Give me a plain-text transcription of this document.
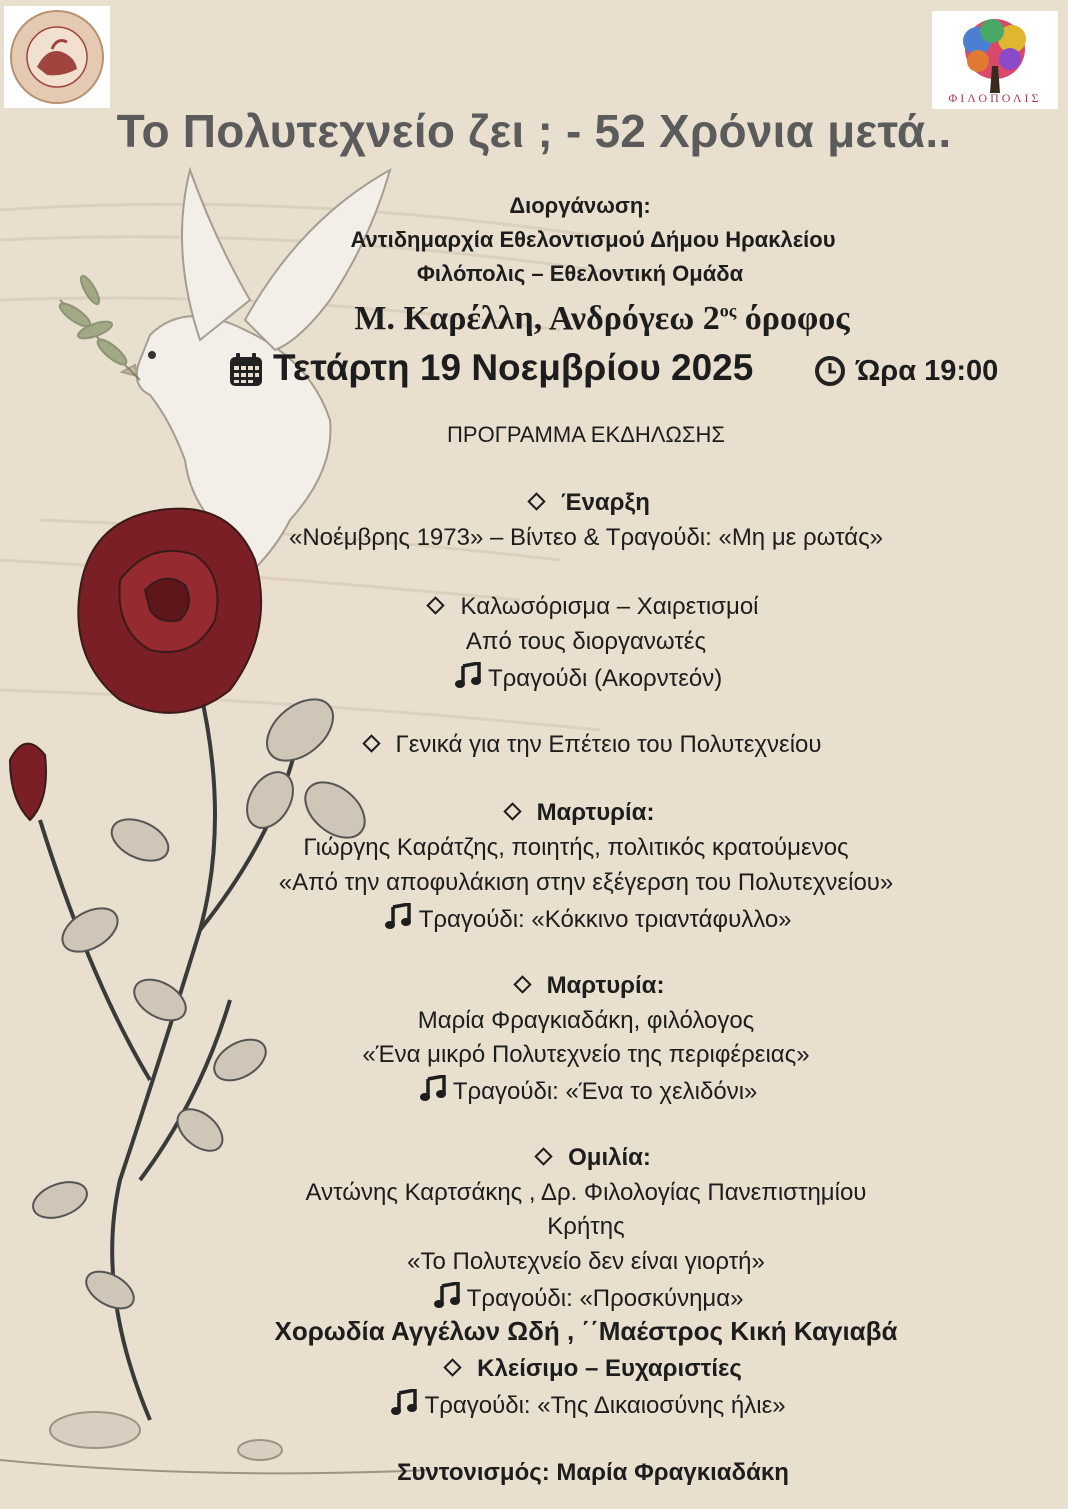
ΦΙΛΟΠΟΛΙΣ
Το Πολυτεχνείο ζει ; - 52 Χρόνια μετά..
Διοργάνωση:
Αντιδημαρχία Εθελοντισμού Δήμου Ηρακλείου
Φιλόπολις – Εθελοντική Ομάδα
Μ. Καρέλλη, Ανδρόγεω $2^{o\varsigma}$ όροφος
Τετάρτη 19 Νοεμβρίου 2025	Ώρα 19:00
ΠΡΟΓΡΑΜΜΑ ΕΚΔΗΛΩΣΗΣ
Έναρξη
«Νοέμβρης 1973» – Βίντεο & Τραγούδι: «Μη με ρωτάς»
Καλωσόρισμα – Χαιρετισμοί
Από τους διοργανωτές
Τραγούδι (Ακορντεόν)
Γενικά για την Επέτειο του Πολυτεχνείου
Μαρτυρία:
Γιώργης Καράτζης, ποιητής, πολιτικός κρατούμενος
«Από την αποφυλάκιση στην εξέγερση του Πολυτεχνείου»
Τραγούδι: «Κόκκινο τριαντάφυλλο»
Μαρτυρία:
Μαρία Φραγκιαδάκη, φιλόλογος
«Ένα μικρό Πολυτεχνείο της περιφέρειας»
Τραγούδι: «Ένα το χελιδόνι»
Ομιλία:
Αντώνης Καρτσάκης , Δρ. Φιλολογίας Πανεπιστημίου
Κρήτης
«Το Πολυτεχνείο δεν είναι γιορτή»
Τραγούδι: «Προσκύνημα»
Χορωδία Αγγέλων Ωδή , ΄΄Μαέστρος Κική Καγιαβά
Κλείσιμο – Ευχαριστίες
Τραγούδι: «Της Δικαιοσύνης ήλιε»
Συντονισμός: Μαρία Φραγκιαδάκη
